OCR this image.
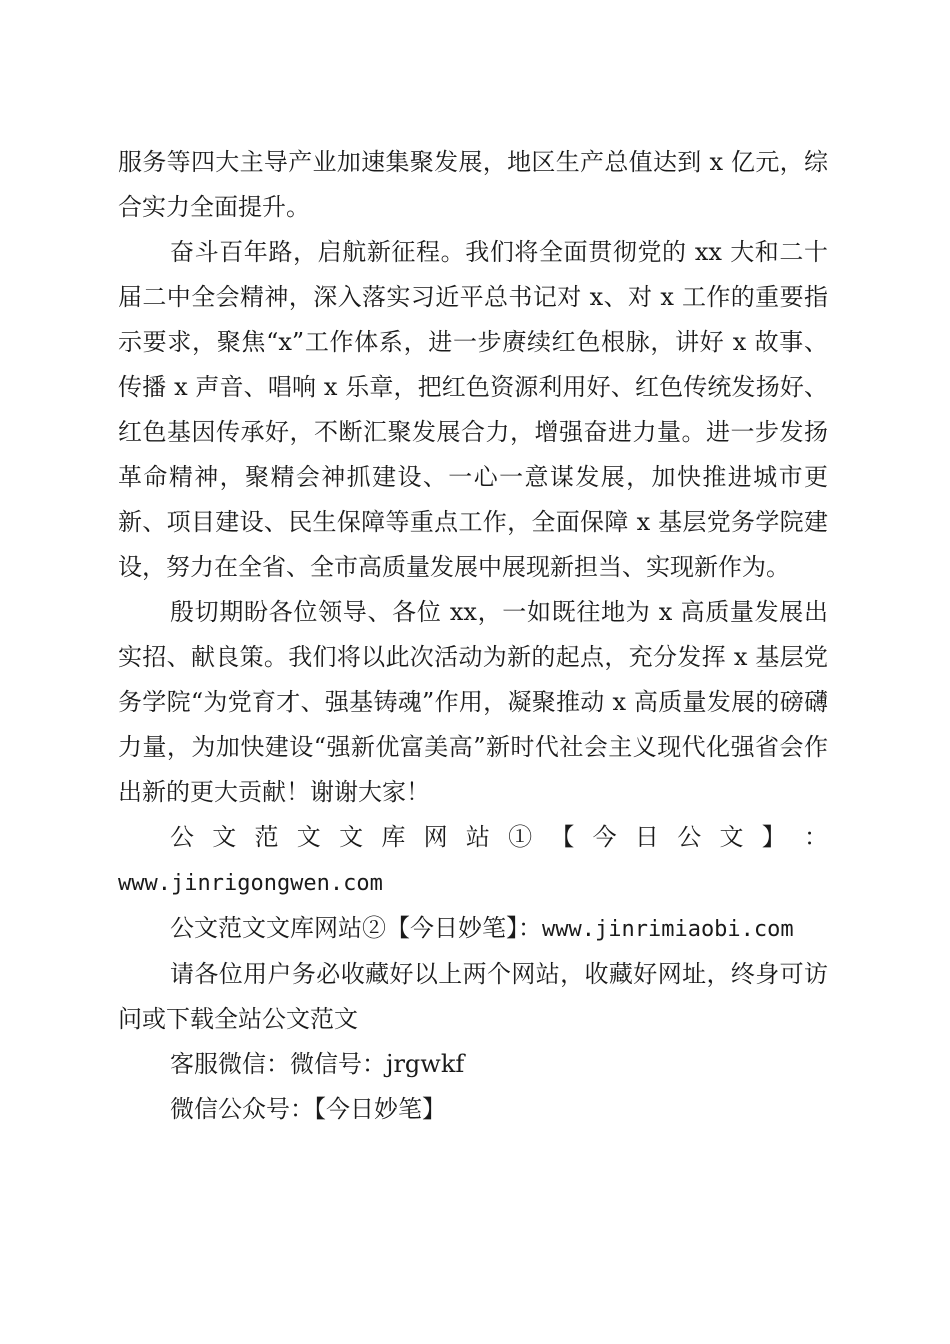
服务等四大主导产业加速集聚发展，地区生产总值达到 x 亿元，综合实力全面提升。

奋斗百年路，启航新征程。我们将全面贯彻党的 xx 大和二十届二中全会精神，深入落实习近平总书记对 x、对 x 工作的重要指示要求，聚焦“x”工作体系，进一步赓续红色根脉，讲好 x 故事、传播 x 声音、唱响 x 乐章，把红色资源利用好、红色传统发扬好、红色基因传承好，不断汇聚发展合力，增强奋进力量。进一步发扬革命精神，聚精会神抓建设、一心一意谋发展，加快推进城市更新、项目建设、民生保障等重点工作，全面保障 x 基层党务学院建设，努力在全省、全市高质量发展中展现新担当、实现新作为。

殷切期盼各位领导、各位 xx，一如既往地为 x 高质量发展出实招、献良策。我们将以此次活动为新的起点，充分发挥 x 基层党务学院“为党育才、强基铸魂”作用，凝聚推动 x 高质量发展的磅礴力量，为加快建设“强新优富美高”新时代社会主义现代化强省会作出新的更大贡献！谢谢大家！

公 文 范 文 文 库 网 站 ① 【 今 日 公 文 】 ：

www.jinrigongwen.com

公文范文文库网站②【今日妙笔】：www.jinrimiaobi.com

请各位用户务必收藏好以上两个网站，收藏好网址，终身可访问或下载全站公文范文

客服微信：微信号：jrgwkf

微信公众号：【今日妙笔】
